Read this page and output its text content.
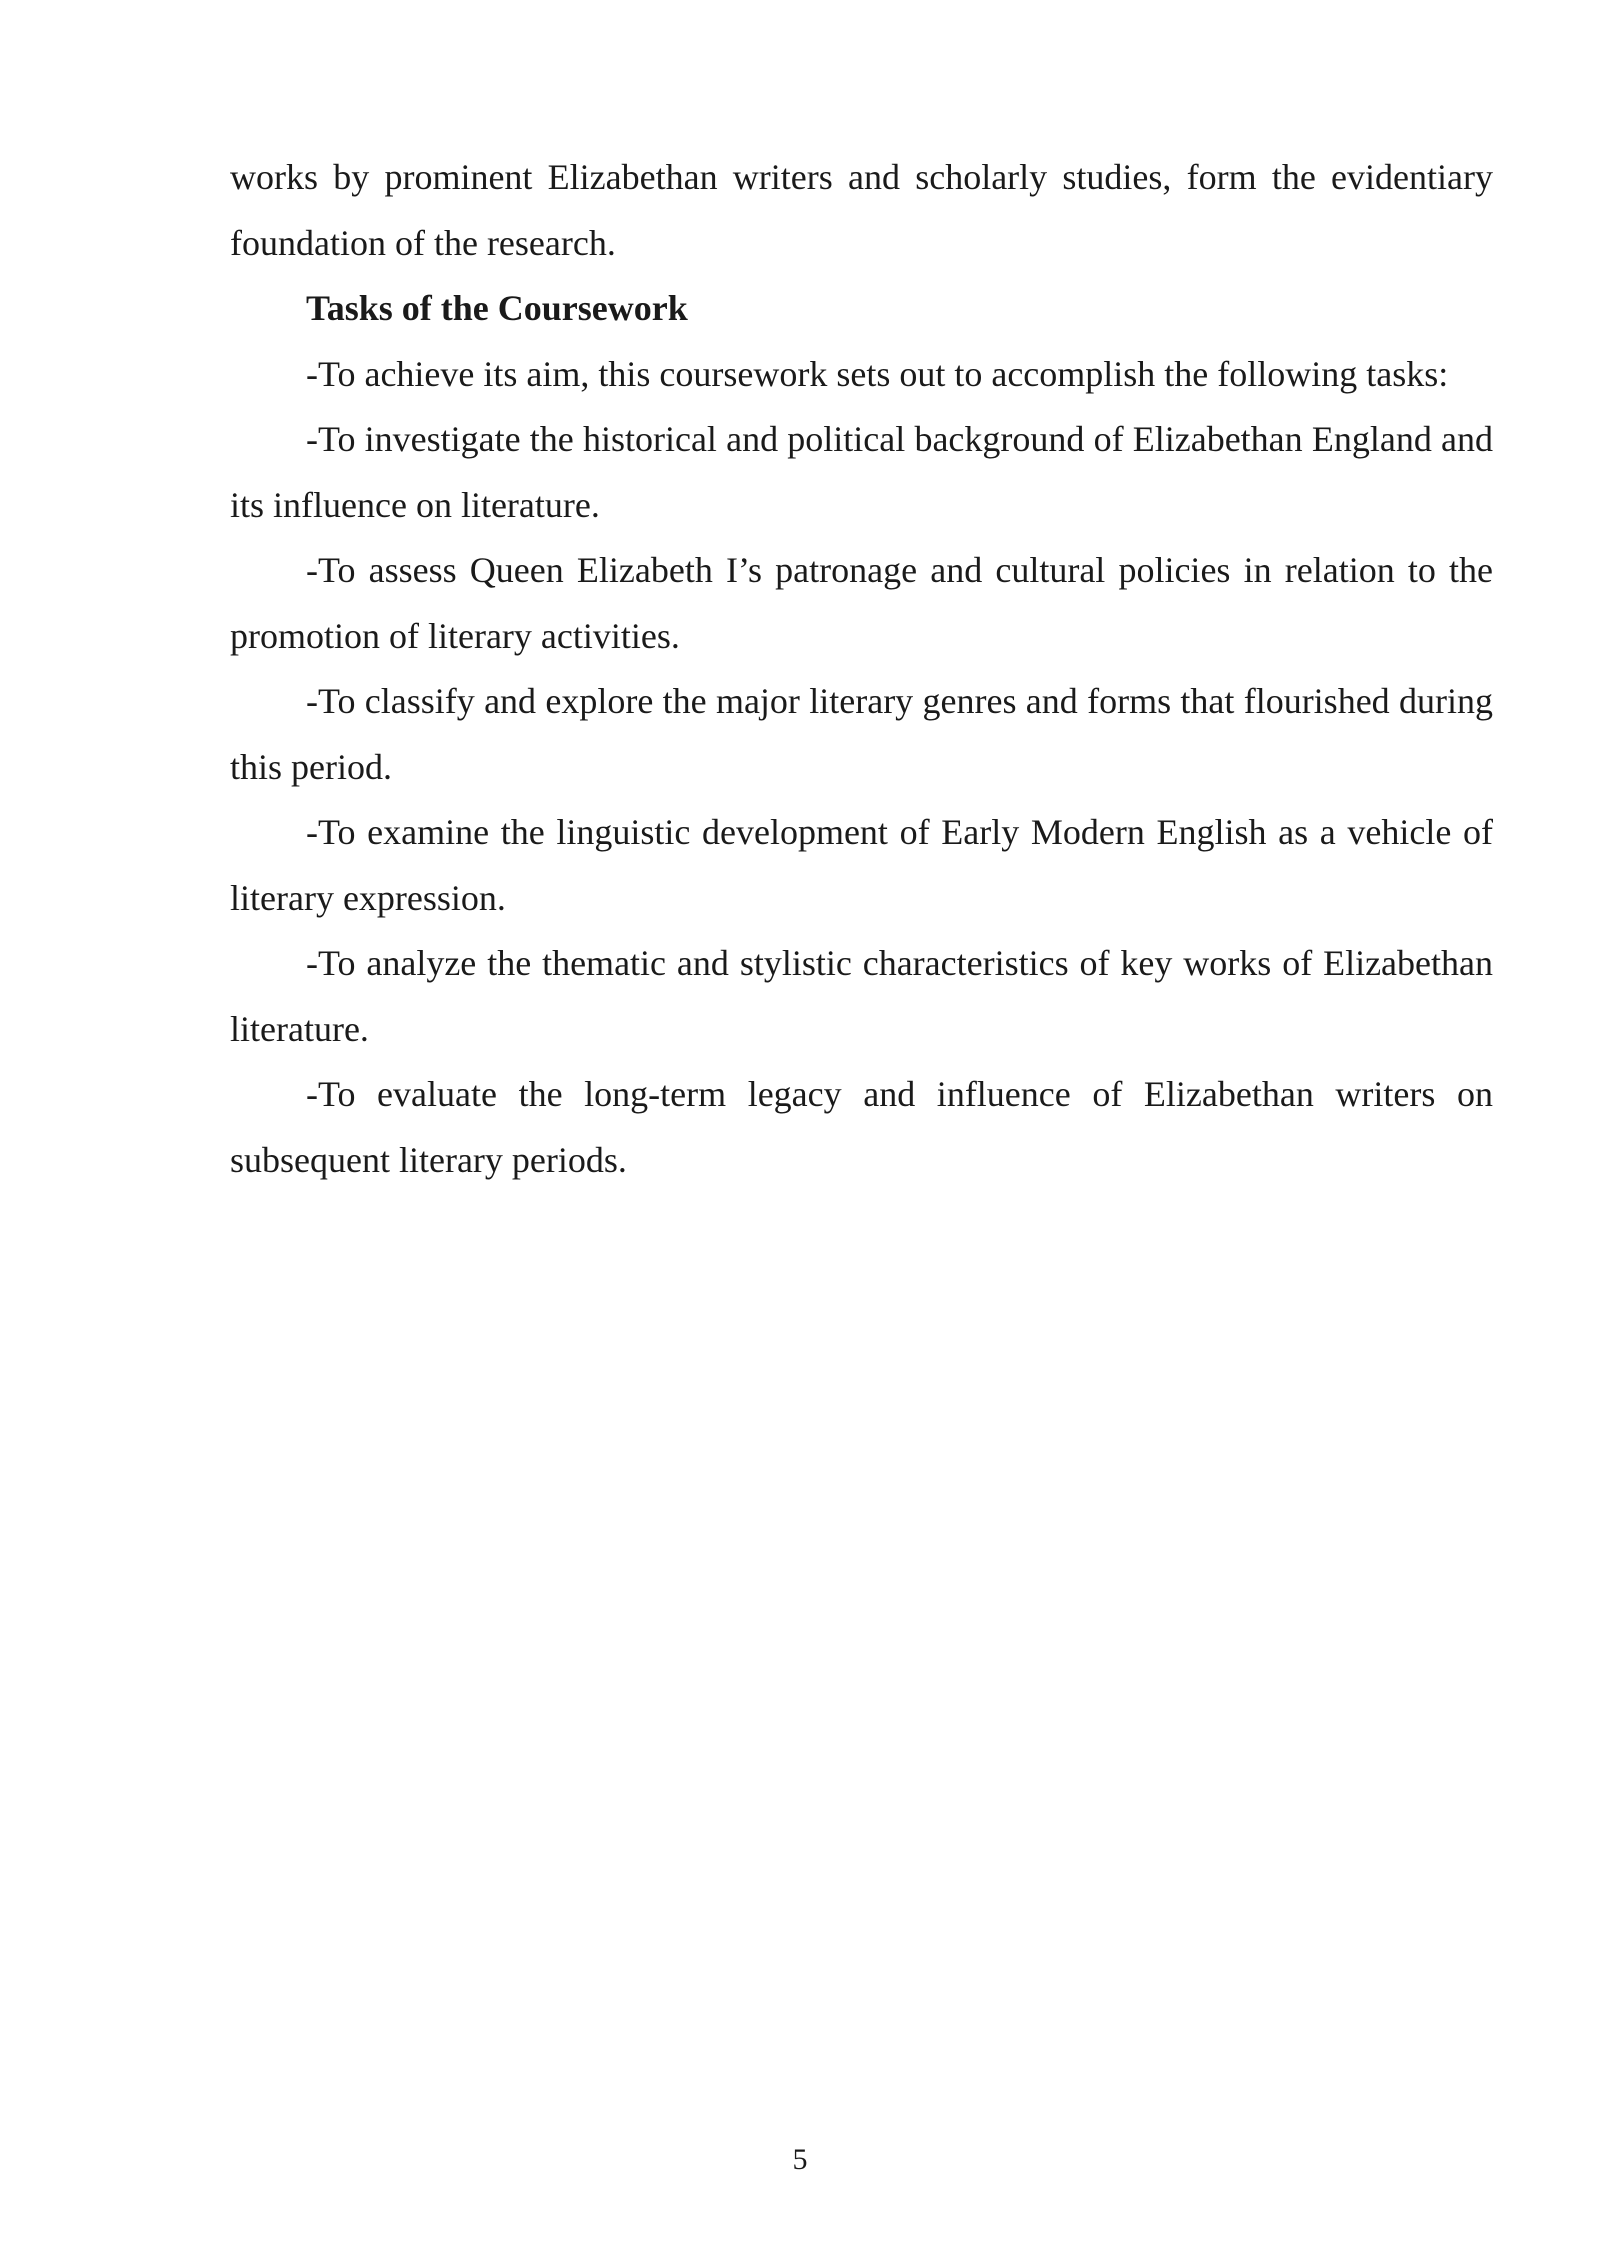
works by prominent Elizabethan writers and scholarly studies, form the evidentiary foundation of the research.

Tasks of the Coursework

-To achieve its aim, this coursework sets out to accomplish the following tasks:

-To investigate the historical and political background of Elizabethan England and its influence on literature.

-To assess Queen Elizabeth I’s patronage and cultural policies in relation to the promotion of literary activities.

-To classify and explore the major literary genres and forms that flourished during this period.

-To examine the linguistic development of Early Modern English as a vehicle of literary expression.

-To analyze the thematic and stylistic characteristics of key works of Elizabethan literature.

-To evaluate the long-term legacy and influence of Elizabethan writers on subsequent literary periods.

5
